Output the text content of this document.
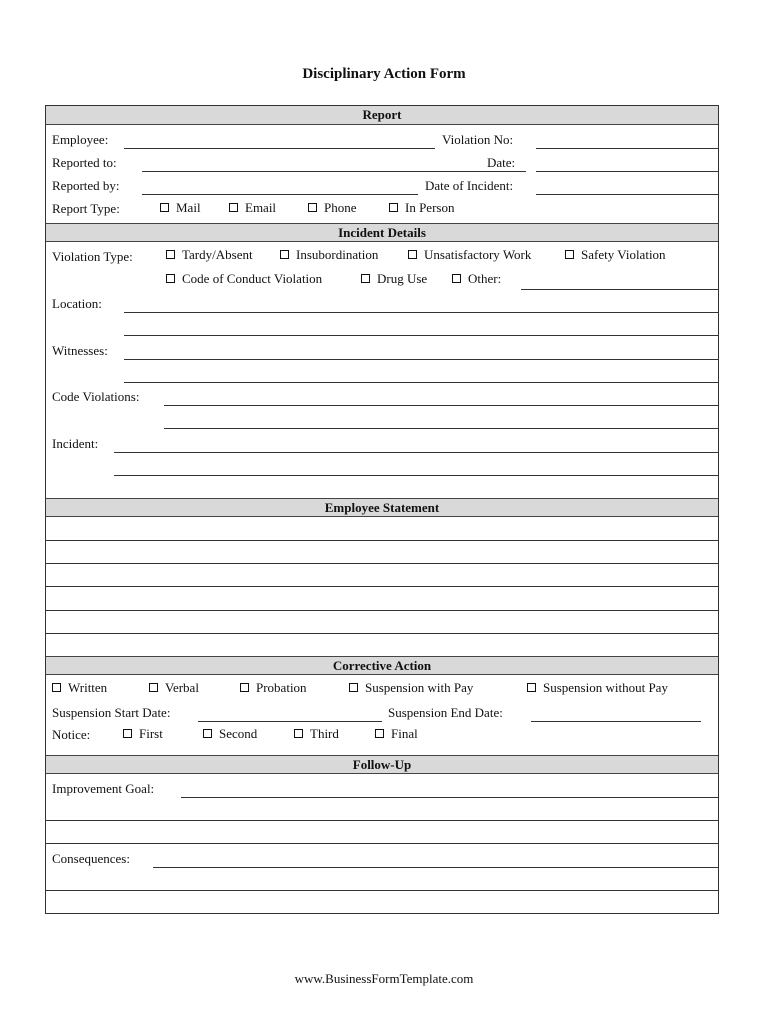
Disciplinary Action Form
Report
Employee:	Violation No:
Reported to:	Date:
Reported by:	Date of Incident:
Report Type:	Mail	Email	Phone	In Person
Incident Details
Violation Type:	Tardy/Absent	Insubordination	Unsatisfactory Work	Safety Violation
Code of Conduct Violation	Drug Use	Other:
Location:
Witnesses:
Code Violations:
Incident:
Employee Statement
Corrective Action
Written	Verbal	Probation	Suspension with Pay	Suspension without Pay
Suspension Start Date:	Suspension End Date:
Notice:	First	Second	Third	Final
Follow-Up
Improvement Goal:
Consequences:
www.BusinessFormTemplate.com
